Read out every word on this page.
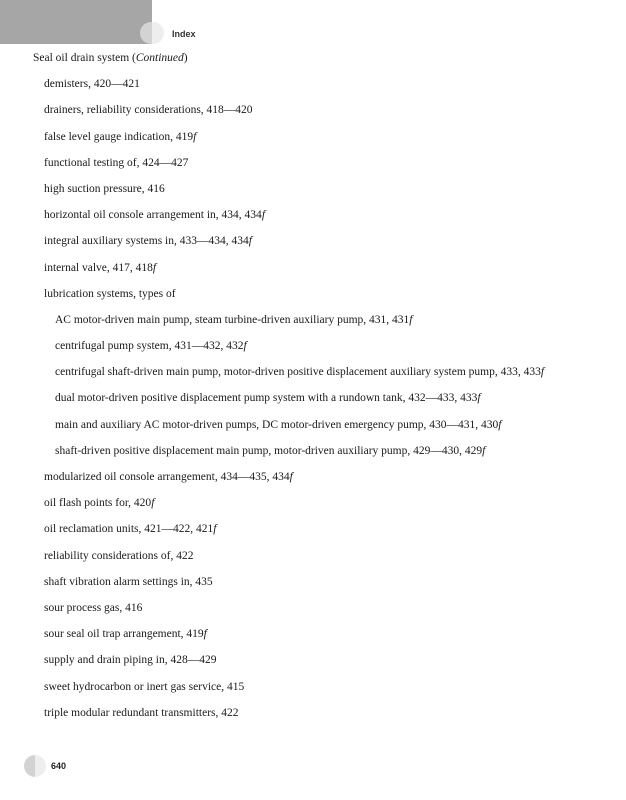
Index
Seal oil drain system (Continued)
demisters, 420—421
drainers, reliability considerations, 418—420
false level gauge indication, 419f
functional testing of, 424—427
high suction pressure, 416
horizontal oil console arrangement in, 434, 434f
integral auxiliary systems in, 433—434, 434f
internal valve, 417, 418f
lubrication systems, types of
AC motor-driven main pump, steam turbine-driven auxiliary pump, 431, 431f
centrifugal pump system, 431—432, 432f
centrifugal shaft-driven main pump, motor-driven positive displacement auxiliary system pump, 433, 433f
dual motor-driven positive displacement pump system with a rundown tank, 432—433, 433f
main and auxiliary AC motor-driven pumps, DC motor-driven emergency pump, 430—431, 430f
shaft-driven positive displacement main pump, motor-driven auxiliary pump, 429—430, 429f
modularized oil console arrangement, 434—435, 434f
oil flash points for, 420f
oil reclamation units, 421—422, 421f
reliability considerations of, 422
shaft vibration alarm settings in, 435
sour process gas, 416
sour seal oil trap arrangement, 419f
supply and drain piping in, 428—429
sweet hydrocarbon or inert gas service, 415
triple modular redundant transmitters, 422
640
